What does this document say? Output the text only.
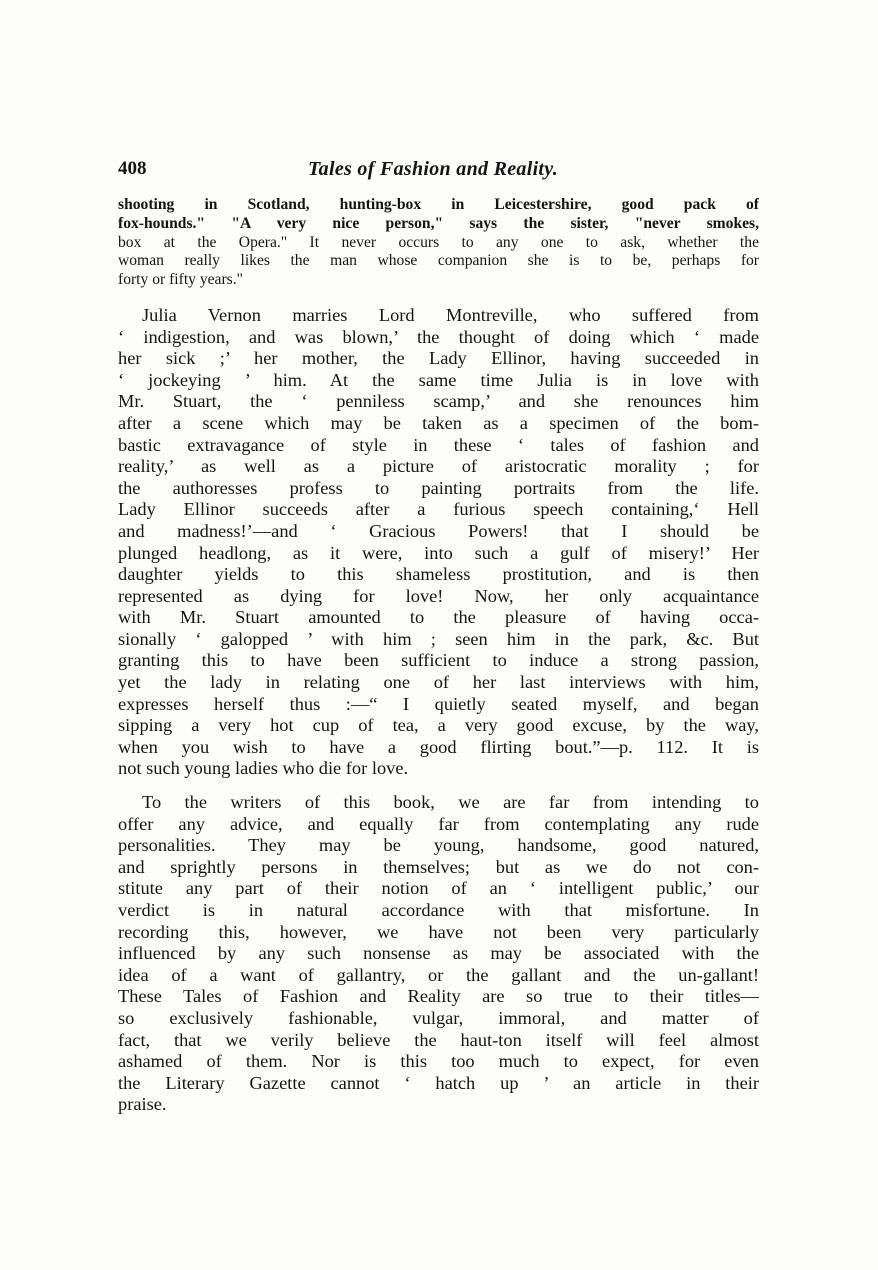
408	Tales of Fashion and Reality.
shooting in Scotland, hunting-box in Leicestershire, good pack of
fox-hounds." "A very nice person," says the sister, "never smokes,
box at the Opera." It never occurs to any one to ask, whether the
woman really likes the man whose companion she is to be, perhaps for
forty or fifty years."
Julia Vernon marries Lord Montreville, who suffered from
‘ indigestion, and was blown,’ the thought of doing which ‘ made
her sick ;’ her mother, the Lady Ellinor, having succeeded in
‘ jockeying ’ him. At the same time Julia is in love with
Mr. Stuart, the ‘ penniless scamp,’ and she renounces him
after a scene which may be taken as a specimen of the bom-
bastic extravagance of style in these ‘ tales of fashion and
reality,’ as well as a picture of aristocratic morality ; for
the authoresses profess to painting portraits from the life.
Lady Ellinor succeeds after a furious speech containing,‘ Hell
and madness!’—and ‘ Gracious Powers! that I should be
plunged headlong, as it were, into such a gulf of misery!’ Her
daughter yields to this shameless prostitution, and is then
represented as dying for love! Now, her only acquaintance
with Mr. Stuart amounted to the pleasure of having occa-
sionally ‘ galopped ’ with him ; seen him in the park, &c. But
granting this to have been sufficient to induce a strong passion,
yet the lady in relating one of her last interviews with him,
expresses herself thus :—“ I quietly seated myself, and began
sipping a very hot cup of tea, a very good excuse, by the way,
when you wish to have a good flirting bout.”—p. 112. It is
not such young ladies who die for love.
To the writers of this book, we are far from intending to
offer any advice, and equally far from contemplating any rude
personalities. They may be young, handsome, good natured,
and sprightly persons in themselves; but as we do not con-
stitute any part of their notion of an ‘ intelligent public,’ our
verdict is in natural accordance with that misfortune. In
recording this, however, we have not been very particularly
influenced by any such nonsense as may be associated with the
idea of a want of gallantry, or the gallant and the un-gallant!
These Tales of Fashion and Reality are so true to their titles—
so exclusively fashionable, vulgar, immoral, and matter of
fact, that we verily believe the haut-ton itself will feel almost
ashamed of them. Nor is this too much to expect, for even
the Literary Gazette cannot ‘ hatch up ’ an article in their
praise.
